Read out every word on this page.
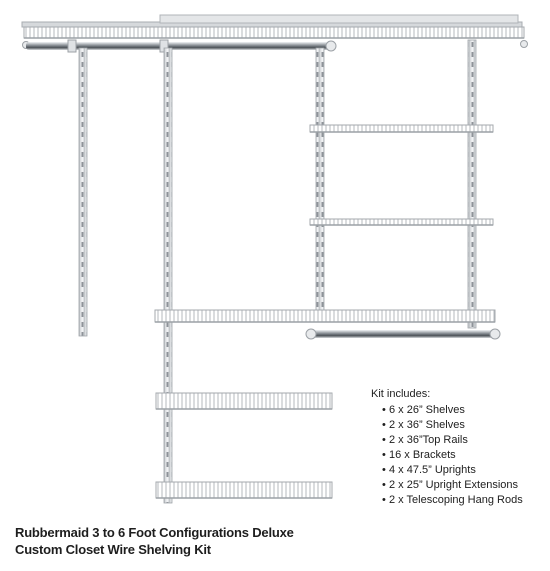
Kit includes:
• 6 x 26” Shelves
• 2 x 36” Shelves
• 2 x 36”Top Rails
• 16 x Brackets
• 4 x 47.5” Uprights
• 2 x 25” Upright Extensions
• 2 x Telescoping Hang Rods
Rubbermaid 3 to 6 Foot Configurations Deluxe
Custom Closet Wire Shelving Kit
